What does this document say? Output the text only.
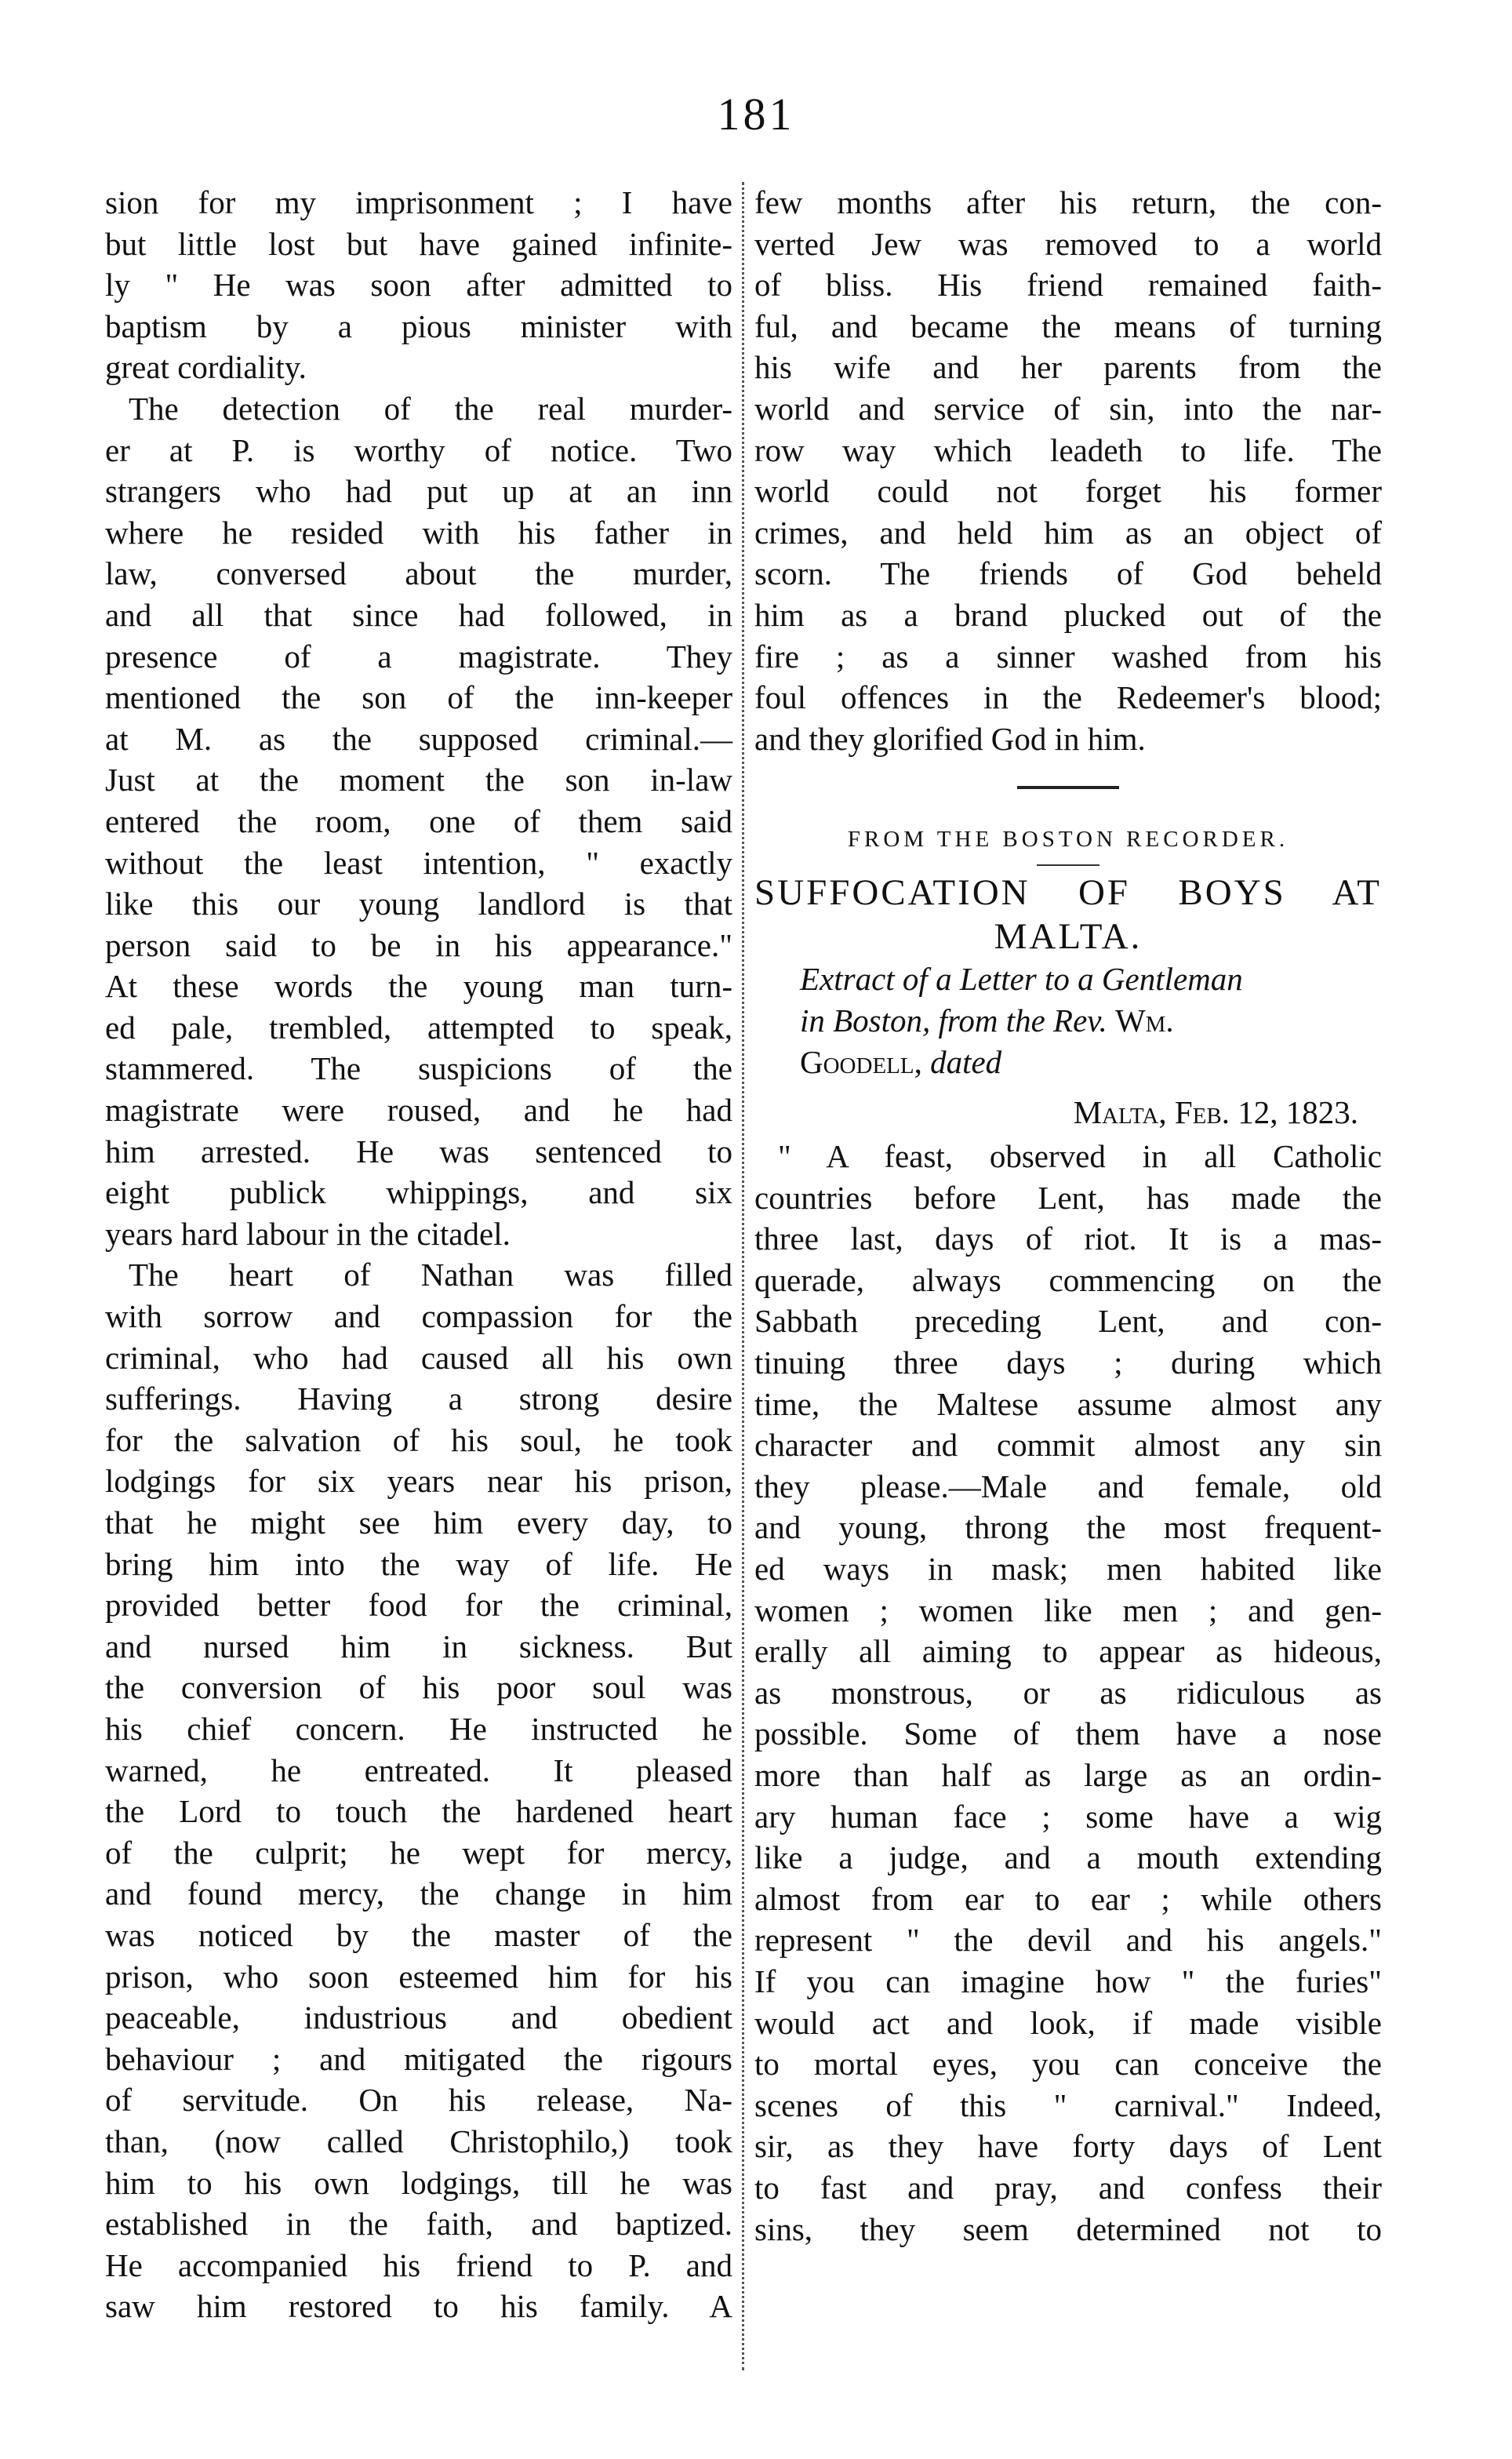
181
sion for my imprisonment ; I have
but little lost but have gained infinite-
ly " He was soon after admitted to
baptism by a pious minister with
great cordiality.
The detection of the real murder-
er at P. is worthy of notice. Two
strangers who had put up at an inn
where he resided with his father in
law, conversed about the murder,
and all that since had followed, in
presence of a magistrate. They
mentioned the son of the inn-keeper
at M. as the supposed criminal.—
Just at the moment the son in-law
entered the room, one of them said
without the least intention, " exactly
like this our young landlord is that
person said to be in his appearance."
At these words the young man turn-
ed pale, trembled, attempted to speak,
stammered. The suspicions of the
magistrate were roused, and he had
him arrested. He was sentenced to
eight publick whippings, and six
years hard labour in the citadel.
The heart of Nathan was filled
with sorrow and compassion for the
criminal, who had caused all his own
sufferings. Having a strong desire
for the salvation of his soul, he took
lodgings for six years near his prison,
that he might see him every day, to
bring him into the way of life. He
provided better food for the criminal,
and nursed him in sickness. But
the conversion of his poor soul was
his chief concern. He instructed he
warned, he entreated. It pleased
the Lord to touch the hardened heart
of the culprit; he wept for mercy,
and found mercy, the change in him
was noticed by the master of the
prison, who soon esteemed him for his
peaceable, industrious and obedient
behaviour ; and mitigated the rigours
of servitude. On his release, Na-
than, (now called Christophilo,) took
him to his own lodgings, till he was
established in the faith, and baptized.
He accompanied his friend to P. and
saw him restored to his family. A
few months after his return, the con-
verted Jew was removed to a world
of bliss. His friend remained faith-
ful, and became the means of turning
his wife and her parents from the
world and service of sin, into the nar-
row way which leadeth to life. The
world could not forget his former
crimes, and held him as an object of
scorn. The friends of God beheld
him as a brand plucked out of the
fire ; as a sinner washed from his
foul offences in the Redeemer's blood;
and they glorified God in him.
FROM THE BOSTON RECORDER.
SUFFOCATION OF BOYS AT
MALTA.
Extract of a Letter to a Gentleman
in Boston, from the Rev. Wm.
Goodell, dated
Malta, Feb. 12, 1823.
" A feast, observed in all Catholic
countries before Lent, has made the
three last, days of riot. It is a mas-
querade, always commencing on the
Sabbath preceding Lent, and con-
tinuing three days ; during which
time, the Maltese assume almost any
character and commit almost any sin
they please.—Male and female, old
and young, throng the most frequent-
ed ways in mask; men habited like
women ; women like men ; and gen-
erally all aiming to appear as hideous,
as monstrous, or as ridiculous as
possible. Some of them have a nose
more than half as large as an ordin-
ary human face ; some have a wig
like a judge, and a mouth extending
almost from ear to ear ; while others
represent " the devil and his angels."
If you can imagine how " the furies"
would act and look, if made visible
to mortal eyes, you can conceive the
scenes of this " carnival." Indeed,
sir, as they have forty days of Lent
to fast and pray, and confess their
sins, they seem determined not to
